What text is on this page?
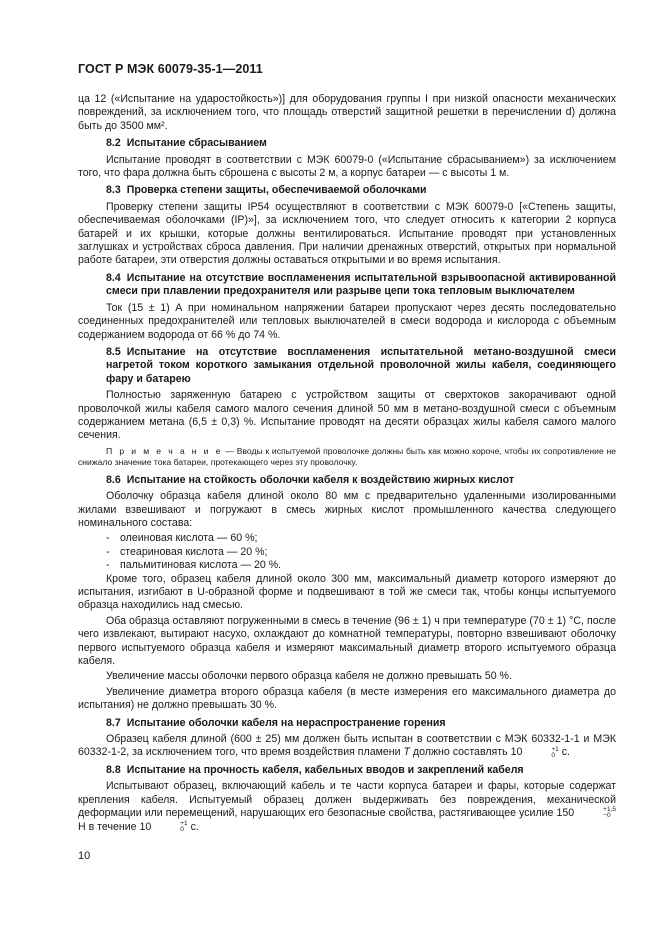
ГОСТ Р МЭК 60079-35-1—2011

ца 12 («Испытание на ударостойкость»)] для оборудования группы I при низкой опасности механических повреждений, за исключением того, что площадь отверстий защитной решетки в перечислении d) должна быть до 3500 мм².

8.2 Испытание сбрасыванием

Испытание проводят в соответствии с МЭК 60079-0 («Испытание сбрасыванием») за исключением того, что фара должна быть сброшена с высоты 2 м, а корпус батареи — с высоты 1 м.

8.3 Проверка степени защиты, обеспечиваемой оболочками

Проверку степени защиты IP54 осуществляют в соответствии с МЭК 60079-0 [«Степень защиты, обеспечиваемая оболочками (IP)»], за исключением того, что следует относить к категории 2 корпуса батарей и их крышки, которые должны вентилироваться. Испытание проводят при установленных заглушках и устройствах сброса давления. При наличии дренажных отверстий, открытых при нормальной работе батареи, эти отверстия должны оставаться открытыми и во время испытания.

8.4 Испытание на отсутствие воспламенения испытательной взрывоопасной активированной смеси при плавлении предохранителя или разрыве цепи тока тепловым выключателем

Ток (15 ± 1) А при номинальном напряжении батареи пропускают через десять последовательно соединенных предохранителей или тепловых выключателей в смеси водорода и кислорода с объемным содержанием водорода от 66 % до 74 %.

8.5 Испытание на отсутствие воспламенения испытательной метано-воздушной смеси нагретой током короткого замыкания отдельной проволочной жилы кабеля, соединяющего фару и батарею

Полностью заряженную батарею с устройством защиты от сверхтоков закорачивают одной проволочкой жилы кабеля самого малого сечения длиной 50 мм в метано-воздушной смеси с объемным содержанием метана (6,5 ± 0,3) %. Испытание проводят на десяти образцах жилы кабеля самого малого сечения.

П р и м е ч а н и е — Вводы к испытуемой проволочке должны быть как можно короче, чтобы их сопротивление не снижало значение тока батареи, протекающего через эту проволочку.

8.6 Испытание на стойкость оболочки кабеля к воздействию жирных кислот

Оболочку образца кабеля длиной около 80 мм с предварительно удаленными изолированными жилами взвешивают и погружают в смесь жирных кислот промышленного качества следующего номинального состава:

- олеиновая кислота — 60 %;
- стеариновая кислота — 20 %;
- пальмитиновая кислота — 20 %.

Кроме того, образец кабеля длиной около 300 мм, максимальный диаметр которого измеряют до испытания, изгибают в U-образной форме и подвешивают в той же смеси так, чтобы концы испытуемого образца находились над смесью.

Оба образца оставляют погруженными в смесь в течение (96 ± 1) ч при температуре (70 ± 1) °С, после чего извлекают, вытирают насухо, охлаждают до комнатной температуры, повторно взвешивают оболочку первого испытуемого образца кабеля и измеряют максимальный диаметр второго испытуемого образца кабеля.

Увеличение массы оболочки первого образца кабеля не должно превышать 50 %.

Увеличение диаметра второго образца кабеля (в месте измерения его максимального диаметра до испытания) не должно превышать 30 %.

8.7 Испытание оболочки кабеля на нераспространение горения

Образец кабеля длиной (600 ± 25) мм должен быть испытан в соответствии с МЭК 60332-1-1 и МЭК 60332-1-2, за исключением того, что время воздействия пламени T должно составлять 10	+1
0 с.

8.8 Испытание на прочность кабеля, кабельных вводов и закреплений кабеля

Испытывают образец, включающий кабель и те части корпуса батареи и фары, которые содержат крепления кабеля. Испытуемый образец должен выдерживать без повреждения, механической деформации или перемещений, нарушающих его безопасные свойства, растягивающее усилие 150	+1,5
−0
Н в течение 10	+1
0 с.

10
